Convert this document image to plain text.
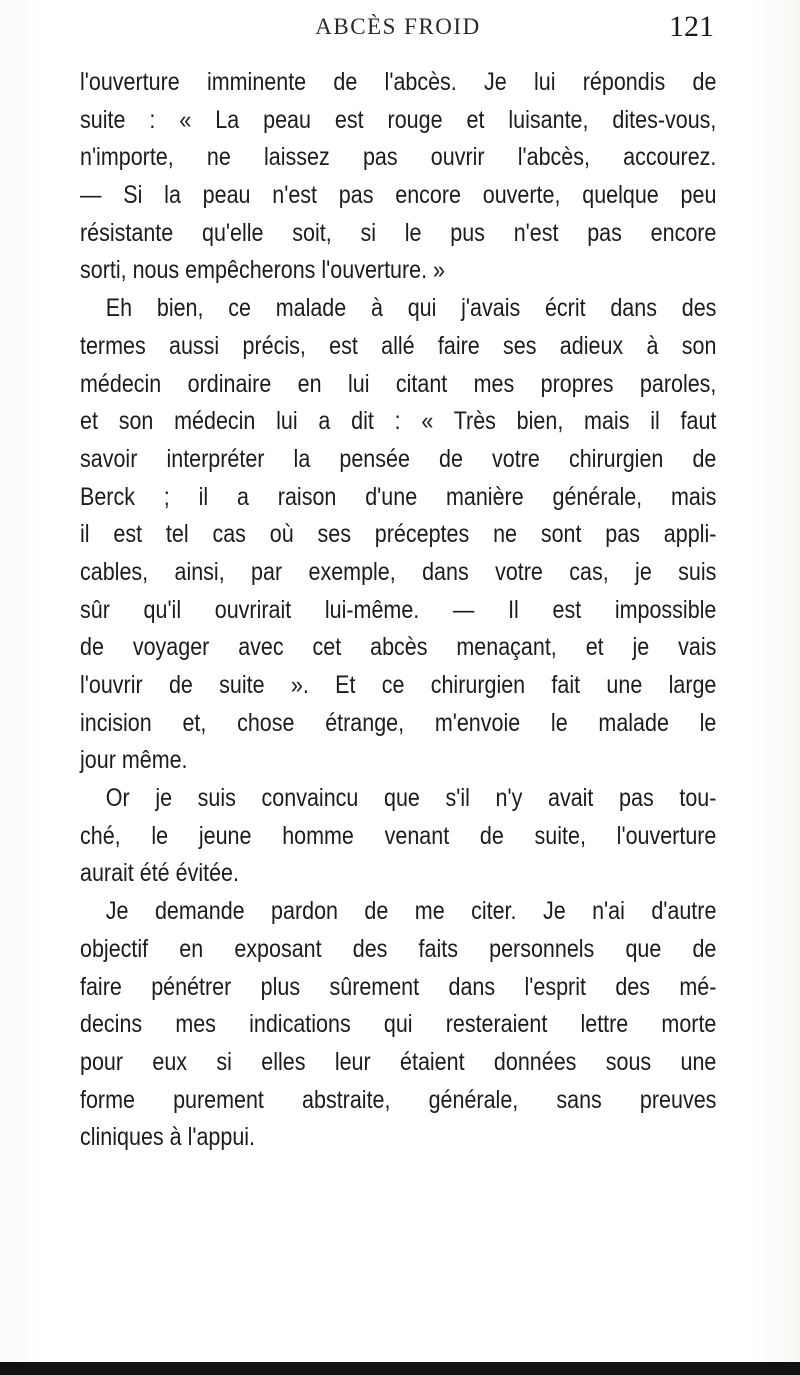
ABCÈS FROID	121
l'ouverture imminente de l'abcès. Je lui répondis de
suite : « La peau est rouge et luisante, dites-vous,
n'importe, ne laissez pas ouvrir l'abcès, accourez.
— Si la peau n'est pas encore ouverte, quelque peu
résistante qu'elle soit, si le pus n'est pas encore
sorti, nous empêcherons l'ouverture. »
Eh bien, ce malade à qui j'avais écrit dans des
termes aussi précis, est allé faire ses adieux à son
médecin ordinaire en lui citant mes propres paroles,
et son médecin lui a dit : « Très bien, mais il faut
savoir interpréter la pensée de votre chirurgien de
Berck ; il a raison d'une manière générale, mais
il est tel cas où ses préceptes ne sont pas appli-
cables, ainsi, par exemple, dans votre cas, je suis
sûr qu'il ouvrirait lui-même. — Il est impossible
de voyager avec cet abcès menaçant, et je vais
l'ouvrir de suite ». Et ce chirurgien fait une large
incision et, chose étrange, m'envoie le malade le
jour même.
Or je suis convaincu que s'il n'y avait pas tou-
ché, le jeune homme venant de suite, l'ouverture
aurait été évitée.
Je demande pardon de me citer. Je n'ai d'autre
objectif en exposant des faits personnels que de
faire pénétrer plus sûrement dans l'esprit des mé-
decins mes indications qui resteraient lettre morte
pour eux si elles leur étaient données sous une
forme purement abstraite, générale, sans preuves
cliniques à l'appui.
